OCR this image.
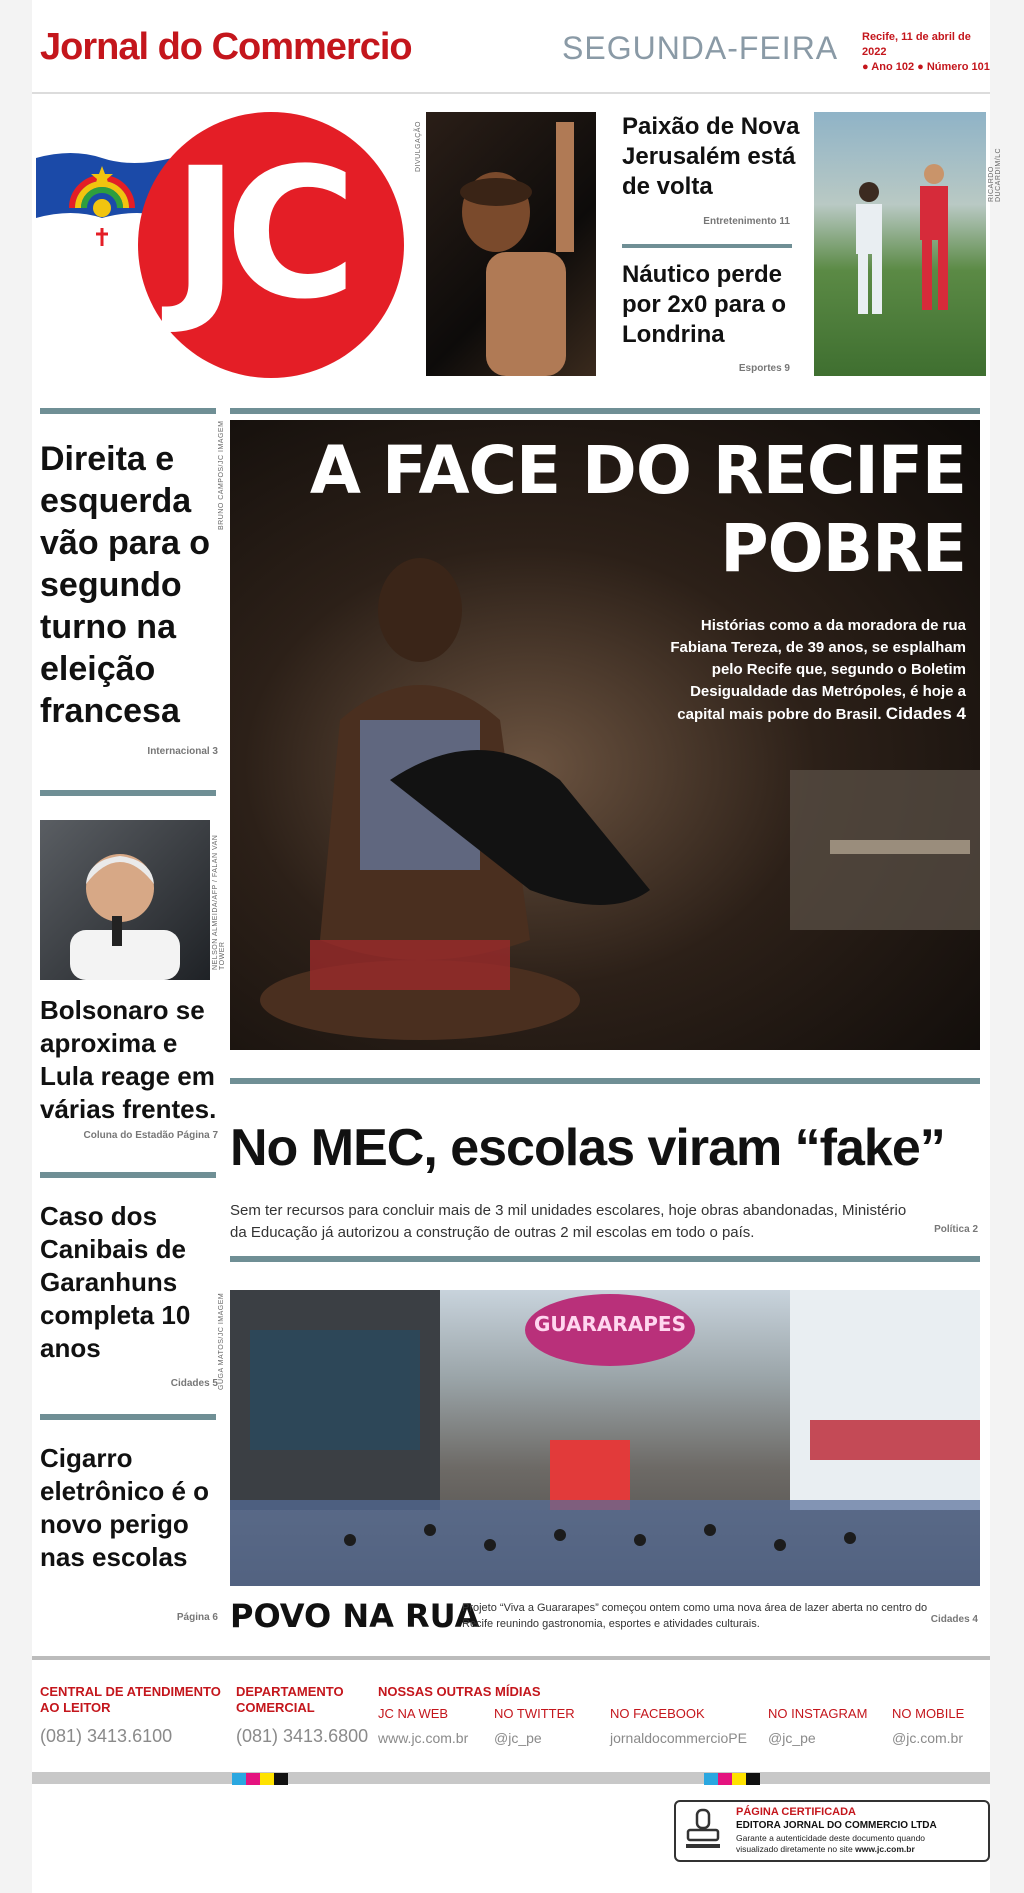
Jornal do Commercio	SEGUNDA-FEIRA Recife, 11 de abril de 2022
● Ano 102 ● Número 101
JC	DIVULGAÇÃO	Paixão de Nova Jerusalém está de volta
Entretenimento 11
Náutico perde por 2x0 para o Londrina
Esportes 9
RICARDO DUCARDIM/LC
Direita e esquerda vão para o segundo turno na eleição francesa
Internacional 3
NELSON ALMEIDA/AFP / FALAN VAN TOWER
Bolsonaro se aproxima e Lula reage em várias frentes.
Coluna do Estadão Página 7
Caso dos Canibais de Garanhuns completa 10 anos
Cidades 5
Cigarro eletrônico é o novo perigo nas escolas
Página 6
A FACE DO RECIFE
POBRE
Histórias como a da moradora de rua Fabiana Tereza, de 39 anos, se esplalham pelo Recife que, segundo o Boletim Desigualdade das Metrópoles, é hoje a capital mais pobre do Brasil. Cidades 4
BRUNO CAMPOS/JC IMAGEM
No MEC, escolas viram “fake”
Sem ter recursos para concluir mais de 3 mil unidades escolares, hoje obras abandonadas, Ministério da Educação já autorizou a construção de outras 2 mil escolas em todo o país.	Política 2
GUARARAPES
GUGA MATOS/JC IMAGEM
POVO NA RUA
Projeto “Viva a Guararapes” começou ontem como uma nova área de lazer aberta no centro do Recife reunindo gastronomia, esportes e atividades culturais.	Cidades 4
CENTRAL DE ATENDIMENTO AO LEITOR
(081) 3413.6100
DEPARTAMENTO COMERCIAL
(081) 3413.6800
NOSSAS OUTRAS MÍDIAS
JC NA WEB
www.jc.com.br
NO TWITTER
@jc_pe
NO FACEBOOK
jornaldocommercioPE
NO INSTAGRAM
@jc_pe
NO MOBILE
@jc.com.br
PÁGINA CERTIFICADA
EDITORA JORNAL DO COMMERCIO LTDA
Garante a autenticidade deste documento quando
visualizado diretamente no site www.jc.com.br
